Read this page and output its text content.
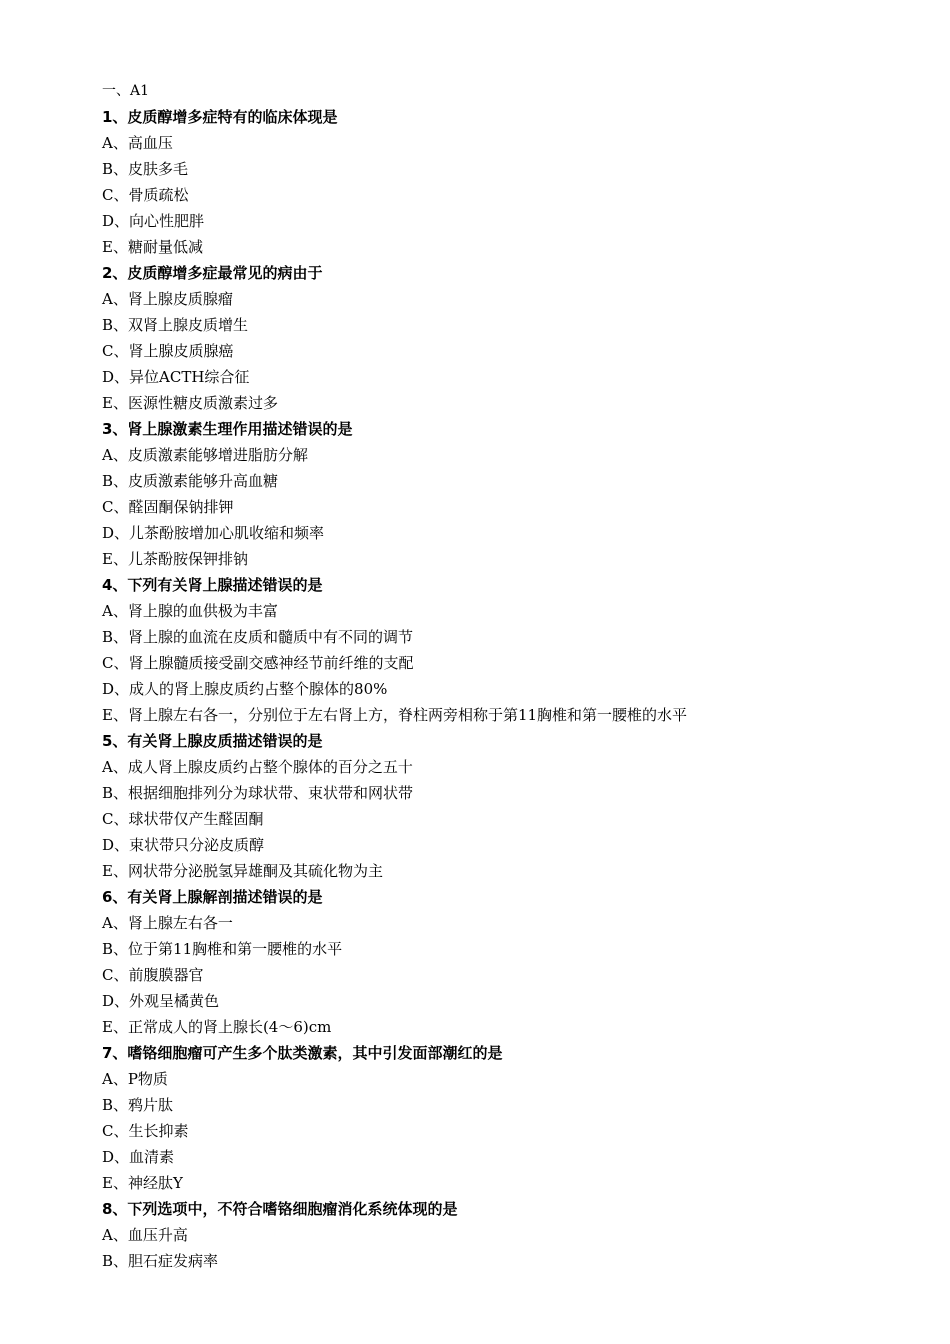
一、A1
1、皮质醇增多症特有的临床体现是
A、高血压
B、皮肤多毛
C、骨质疏松
D、向心性肥胖
E、糖耐量低减
2、皮质醇增多症最常见的病由于
A、肾上腺皮质腺瘤
B、双肾上腺皮质增生
C、肾上腺皮质腺癌
D、异位ACTH综合征
E、医源性糖皮质激素过多
3、肾上腺激素生理作用描述错误的是
A、皮质激素能够增进脂肪分解
B、皮质激素能够升高血糖
C、醛固酮保钠排钾
D、儿茶酚胺增加心肌收缩和频率
E、儿茶酚胺保钾排钠
4、下列有关肾上腺描述错误的是
A、肾上腺的血供极为丰富
B、肾上腺的血流在皮质和髓质中有不同的调节
C、肾上腺髓质接受副交感神经节前纤维的支配
D、成人的肾上腺皮质约占整个腺体的80%
E、肾上腺左右各一，分别位于左右肾上方，脊柱两旁相称于第11胸椎和第一腰椎的水平
5、有关肾上腺皮质描述错误的是
A、成人肾上腺皮质约占整个腺体的百分之五十
B、根据细胞排列分为球状带、束状带和网状带
C、球状带仅产生醛固酮
D、束状带只分泌皮质醇
E、网状带分泌脱氢异雄酮及其硫化物为主
6、有关肾上腺解剖描述错误的是
A、肾上腺左右各一
B、位于第11胸椎和第一腰椎的水平
C、前腹膜器官
D、外观呈橘黄色
E、正常成人的肾上腺长(4～6)cm
7、嗜铬细胞瘤可产生多个肽类激素，其中引发面部潮红的是
A、P物质
B、鸦片肽
C、生长抑素
D、血清素
E、神经肽Y
8、下列选项中，不符合嗜铬细胞瘤消化系统体现的是
A、血压升高
B、胆石症发病率
